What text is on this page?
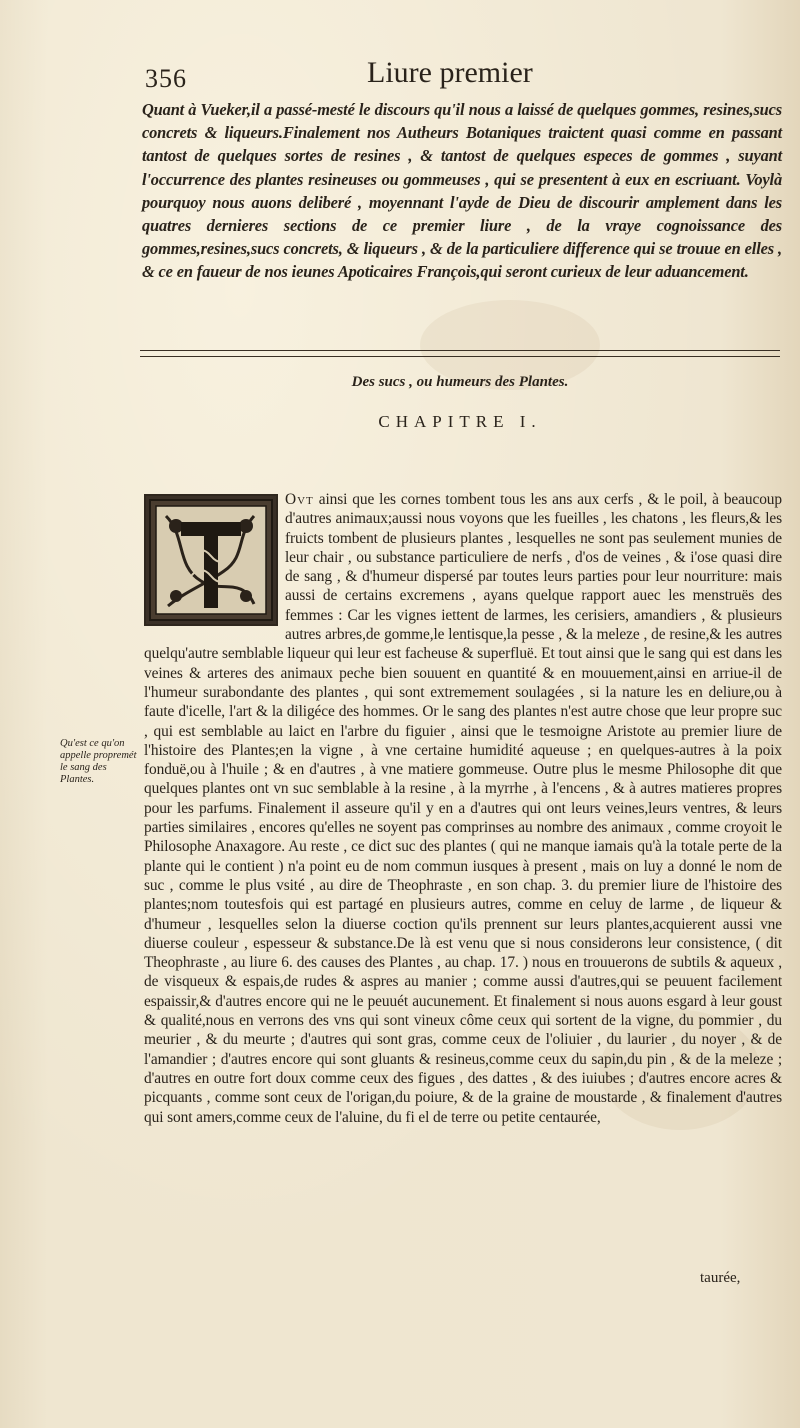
356	Liure premier
Quant à Vueker,il a passé-mesté le discours qu'il nous a laissé de quelques gommes, resines,sucs concrets & liqueurs.Finalement nos Autheurs Botaniques traictent quasi comme en passant tantost de quelques sortes de resines , & tantost de quelques especes de gommes , suyant l'occurrence des plantes resineuses ou gommeuses , qui se presentent à eux en escriuant. Voylà pourquoy nous auons deliberé , moyennant l'ayde de Dieu de discourir amplement dans les quatres dernieres sections de ce premier liure , de la vraye cognoissance des gommes,resines,sucs concrets, & liqueurs , & de la particuliere difference qui se trouue en elles , & ce en faueur de nos ieunes Apoticaires François,qui seront curieux de leur aduancement.
Des sucs , ou humeurs des Plantes.
CHAPITRE I.
Ovt ainsi que les cornes tombent tous les ans aux cerfs , & le poil, à beaucoup d'autres animaux;aussi nous voyons que les fueilles , les chatons , les fleurs,& les fruicts tombent de plusieurs plantes , lesquelles ne sont pas seulement munies de leur chair , ou substance particuliere de nerfs , d'os de veines , & i'ose quasi dire de sang , & d'humeur dispersé par toutes leurs parties pour leur nourriture: mais aussi de certains excremens , ayans quelque rapport auec les menstruës des femmes : Car les vignes iettent de larmes, les cerisiers, amandiers , & plusieurs autres arbres,de gomme,le lentisque,la pesse , & la meleze , de resine,& les autres quelqu'autre semblable liqueur qui leur est facheuse & superfluë. Et tout ainsi que le sang qui est dans les veines & arteres des animaux peche bien souuent en quantité & en mouuement,ainsi en arriue-il de l'humeur surabondante des plantes , qui sont extremement soulagées , si la nature les en deliure,ou à faute d'icelle, l'art & la diligéce des hommes. Or le sang des plantes n'est autre chose que leur propre suc , qui est semblable au laict en l'arbre du figuier , ainsi que le tesmoigne Aristote au premier liure de l'histoire des Plantes;en la vigne , à vne certaine humidité aqueuse ; en quelques-autres à la poix fonduë,ou à l'huile ; & en d'autres , à vne matiere gommeuse. Outre plus le mesme Philosophe dit que quelques plantes ont vn suc semblable à la resine , à la myrrhe , à l'encens , & à autres matieres propres pour les parfums. Finalement il asseure qu'il y en a d'autres qui ont leurs veines,leurs ventres, & leurs parties similaires , encores qu'elles ne soyent pas comprinses au nombre des animaux , comme croyoit le Philosophe Anaxagore. Au reste , ce dict suc des plantes ( qui ne manque iamais qu'à la totale perte de la plante qui le contient ) n'a point eu de nom commun iusques à present , mais on luy a donné le nom de suc , comme le plus vsité , au dire de Theophraste , en son chap. 3. du premier liure de l'histoire des plantes;nom toutesfois qui est partagé en plusieurs autres, comme en celuy de larme , de liqueur & d'humeur , lesquelles selon la diuerse coction qu'ils prennent sur leurs plantes,acquierent aussi vne diuerse couleur , espesseur & substance.De là est venu que si nous considerons leur consistence, ( dit Theophraste , au liure 6. des causes des Plantes , au chap. 17. ) nous en trouuerons de subtils & aqueux , de visqueux & espais,de rudes & aspres au manier ; comme aussi d'autres,qui se peuuent facilement espaissir,& d'autres encore qui ne le peuuét aucunement. Et finalement si nous auons esgard à leur goust & qualité,nous en verrons des vns qui sont vineux côme ceux qui sortent de la vigne, du pommier , du meurier , & du meurte ; d'autres qui sont gras, comme ceux de l'oliuier , du laurier , du noyer , & de l'amandier ; d'autres encore qui sont gluants & resineus,comme ceux du sapin,du pin , & de la meleze ; d'autres en outre fort doux comme ceux des figues , des dattes , & des iuiubes ; d'autres encore acres & picquants , comme sont ceux de l'origan,du poiure, & de la graine de moustarde , & finalement d'autres qui sont amers,comme ceux de l'aluine, du fi el de terre ou petite centaurée,
Qu'est ce qu'on appelle propremét le sang des Plantes.
taurée,
